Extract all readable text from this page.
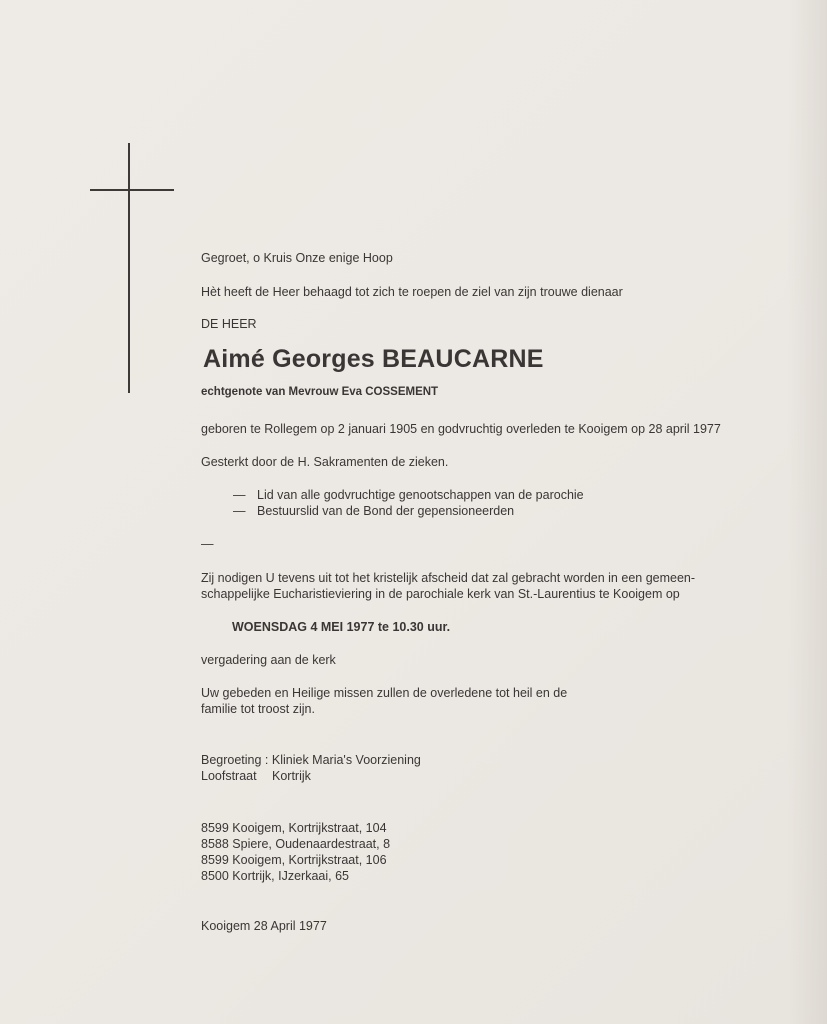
Gegroet, o Kruis Onze enige Hoop
Hèt heeft de Heer behaagd tot zich te roepen de ziel van zijn trouwe dienaar
DE HEER
Aimé Georges BEAUCARNE
echtgenote van Mevrouw Eva COSSEMENT
geboren te Rollegem op 2 januari 1905 en godvruchtig overleden te Kooigem op 28 april 1977
Gesterkt door de H. Sakramenten de zieken.
— Lid van alle godvruchtige genootschappen van de parochie
— Bestuurslid van de Bond der gepensioneerden
—
Zij nodigen U tevens uit tot het kristelijk afscheid dat zal gebracht worden in een gemeen-
schappelijke Eucharistieviering in de parochiale kerk van St.-Laurentius te Kooigem op
WOENSDAG 4 MEI 1977 te 10.30 uur.
vergadering aan de kerk
Uw gebeden en Heilige missen zullen de overledene tot heil en de
familie tot troost zijn.
Begroeting : Kliniek Maria's Voorziening
Loofstraat Kortrijk
8599 Kooigem, Kortrijkstraat, 104
8588 Spiere, Oudenaardestraat, 8
8599 Kooigem, Kortrijkstraat, 106
8500 Kortrijk, IJzerkaai, 65
Kooigem 28 April 1977
